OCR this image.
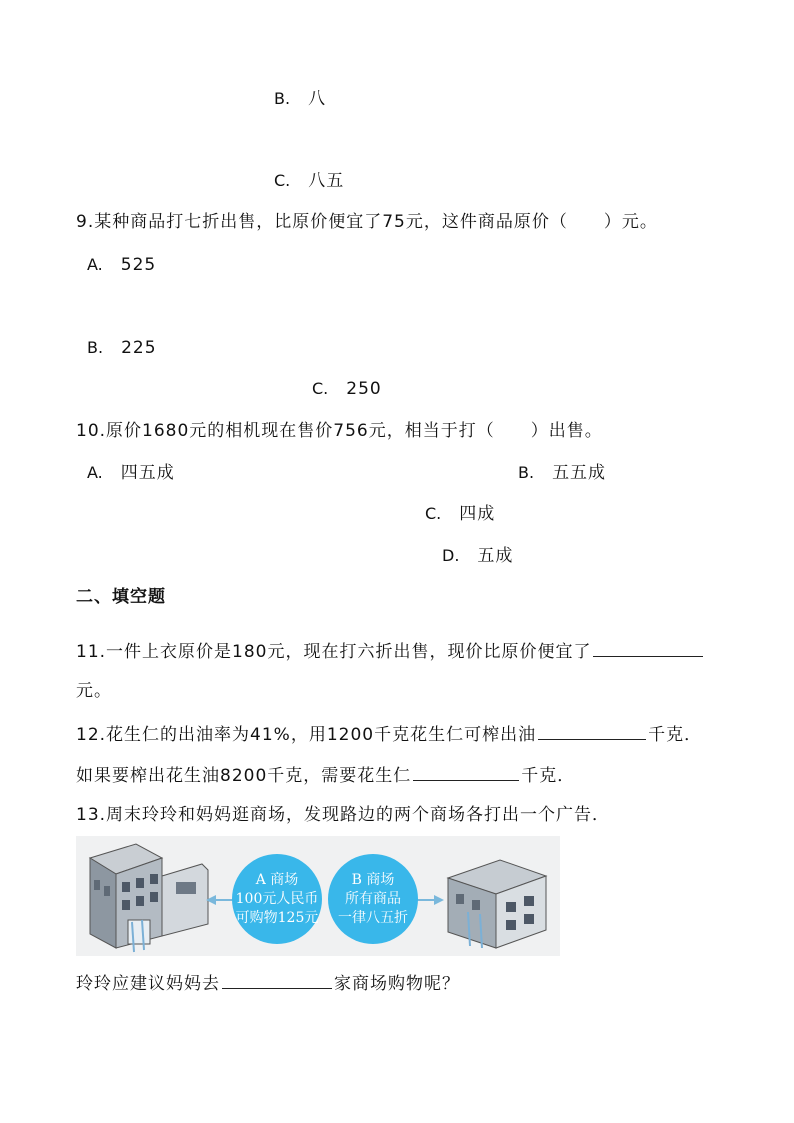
B. 八
C. 八五
9.某种商品打七折出售，比原价便宜了75元，这件商品原价（　　）元。
A. 525
B. 225
C. 250
10.原价1680元的相机现在售价756元，相当于打（　　）出售。
A. 四五成	B. 五五成
C. 四成
D. 五成
二、填空题
11.一件上衣原价是180元，现在打六折出售，现价比原价便宜了
元。
12.花生仁的出油率为41%，用1200千克花生仁可榨出油	千克．
如果要榨出花生油8200千克，需要花生仁	千克．
13.周末玲玲和妈妈逛商场，发现路边的两个商场各打出一个广告．
A 商场
100元人民币
可购物125元
B 商场
所有商品
一律八五折
玲玲应建议妈妈去	家商场购物呢？
